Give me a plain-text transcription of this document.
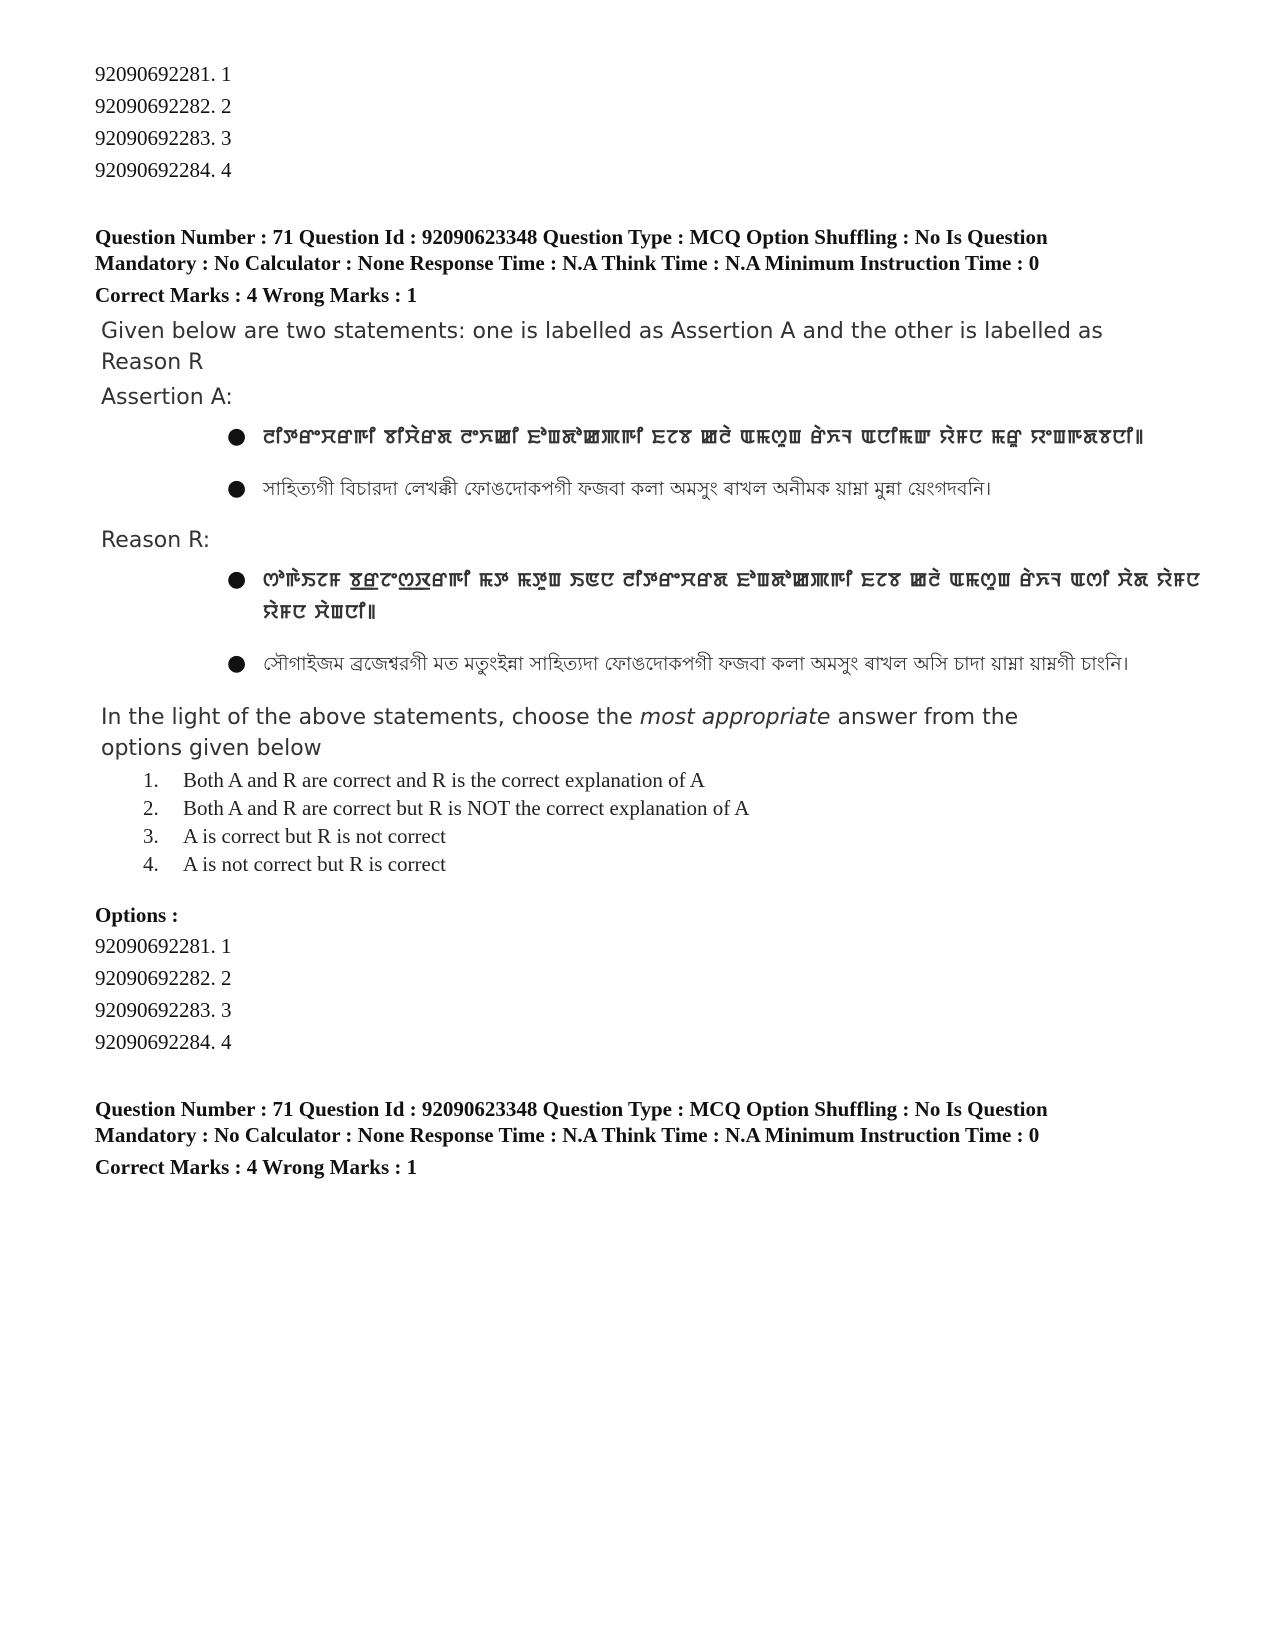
92090692281. 1

92090692282. 2

92090692283. 3

92090692284. 4

Question Number : 71 Question Id : 92090623348 Question Type : MCQ Option Shuffling : No Is Question

Mandatory : No Calculator : None Response Time : N.A Think Time : N.A Minimum Instruction Time : 0

Correct Marks : 4 Wrong Marks : 1

Given below are two statements: one is labelled as Assertion A and the other is labelled as
Reason R

Assertion A:

● ꯂꯤꯇꯔꯦꯆꯔꯒꯤ ꯕꯤꯆꯥꯔꯗ ꯂꯦꯈꯀꯤ ꯐꯣꯡꯗꯣꯀꯄꯒꯤ ꯐꯖꯕ ꯀꯂꯥ ꯑꯃꯁꯨꯡ ꯔꯥꯈꯜ ꯑꯅꯤꯃꯛ ꯌꯥꯝꯅ ꯃꯔꯨ ꯌꯦꯡꯒꯗꯕꯅꯤ꯫
● সাহিত্যগী বিচারদা লেখক্কী ফোঙদোকপগী ফজবা কলা অমসুং ৰাখল অনীমক য়াম্না মুন্না য়েংগদবনি।

Reason R:

● ꯁꯣꯒꯥꯏꯖꯝ ꯕ꯭ꯔꯖꯦꯁ꯭ꯋꯔꯒꯤ ꯃꯇ ꯃꯇꯨꯡ ꯏꯟꯅ ꯂꯤꯇꯔꯦꯆꯔꯗ ꯐꯣꯡꯗꯣꯀꯄꯒꯤ ꯐꯖꯕ ꯀꯂꯥ ꯑꯃꯁꯨꯡ ꯔꯥꯈꯜ ꯑꯁꯤ ꯆꯥꯗ ꯌꯥꯝꯅ ꯌꯥꯝꯅ ꯆꯥꯡꯅꯤ꯫
● সৌগাইজম ব্রজেশ্বরগী মত মতুংইন্না সাহিত্যদা ফোঙদোকপগী ফজবা কলা অমসুং ৰাখল অসি চাদা য়াম্না য়াম্নগী চাংনি।

In the light of the above statements, choose the most appropriate answer from the
options given below

1. Both A and R are correct and R is the correct explanation of A
2. Both A and R are correct but R is NOT the correct explanation of A
3. A is correct but R is not correct
4. A is not correct but R is correct

Options :

92090692281. 1

92090692282. 2

92090692283. 3

92090692284. 4

Question Number : 71 Question Id : 92090623348 Question Type : MCQ Option Shuffling : No Is Question

Mandatory : No Calculator : None Response Time : N.A Think Time : N.A Minimum Instruction Time : 0

Correct Marks : 4 Wrong Marks : 1
